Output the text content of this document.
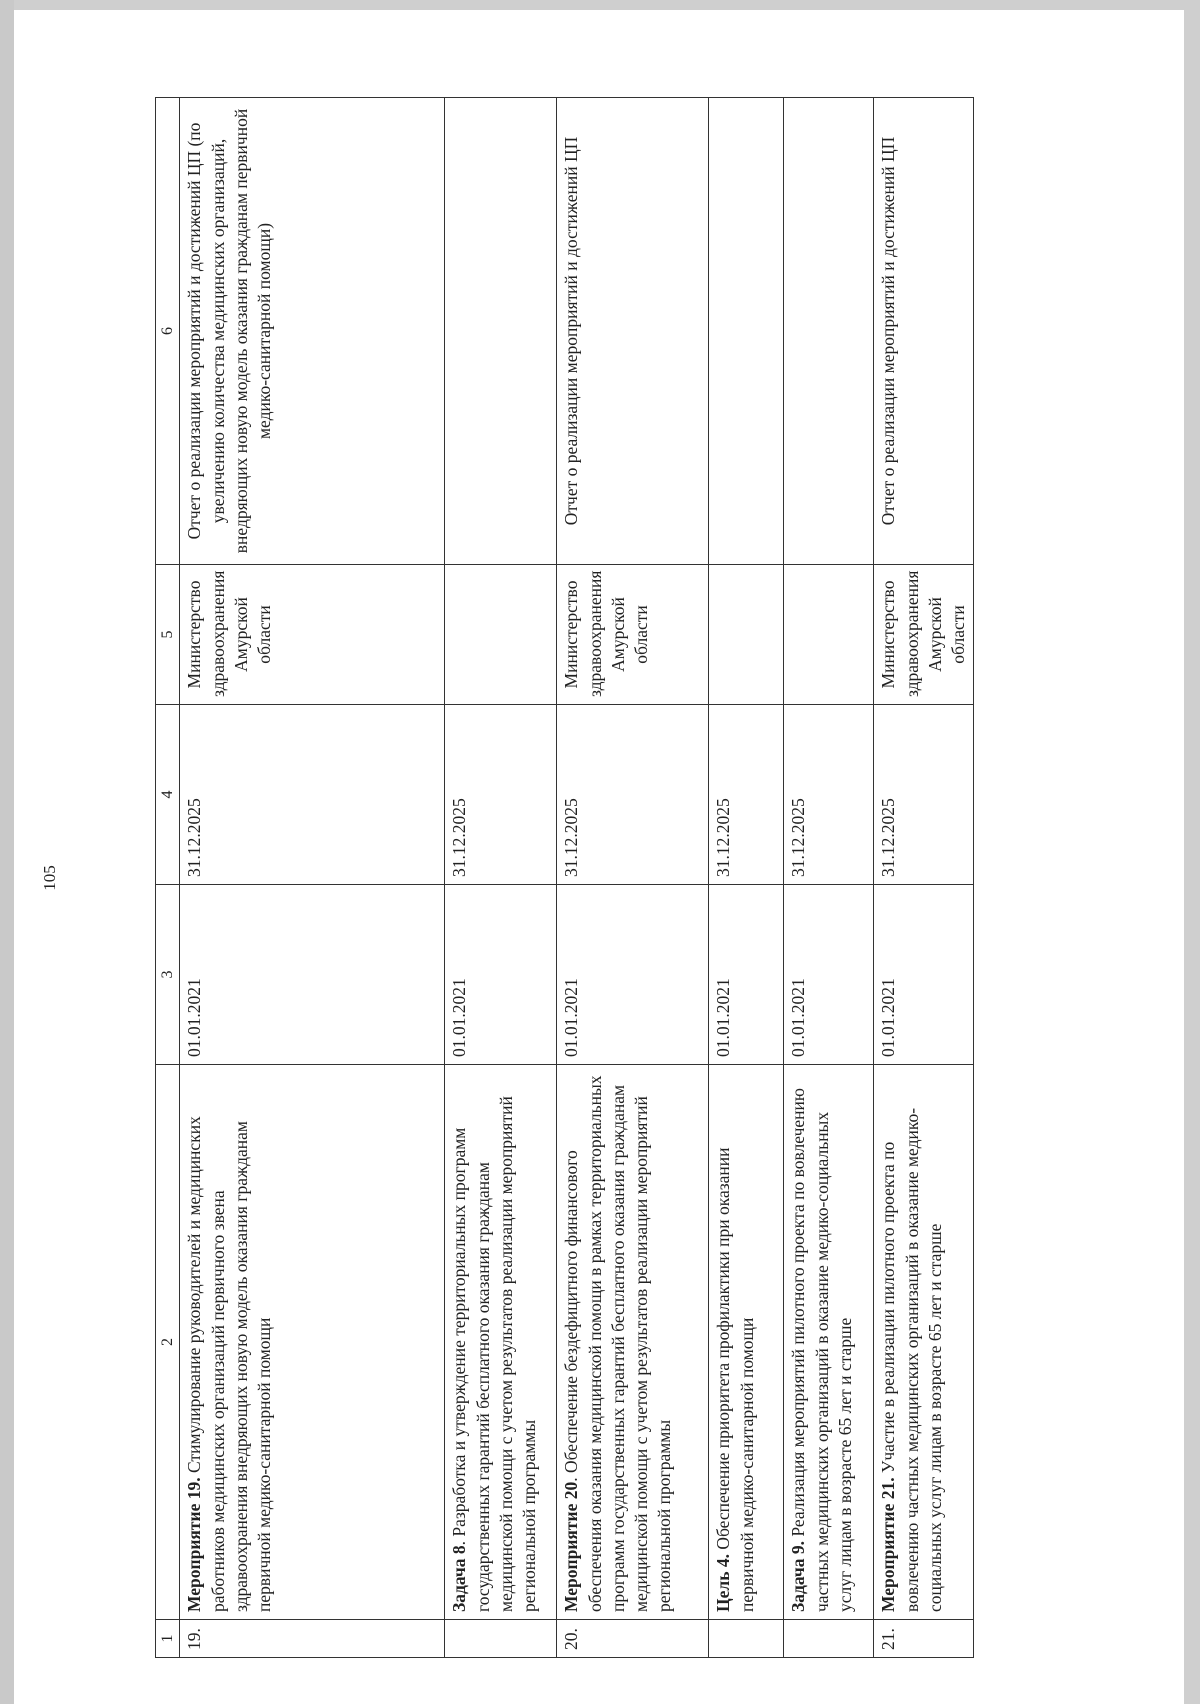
105
1	2	3	4	5	6
19.	Мероприятие 19. Стимулирование руководителей и медицинских работников медицинских организаций первичного звена здравоохранения внедряющих новую модель оказания гражданам первичной медико-санитарной помощи	01.01.2021	31.12.2025	Министерство здравоохранения Амурской области	Отчет о реализации мероприятий и достижений ЦП (по увеличению количества медицинских организаций, внедряющих новую модель оказания гражданам первичной медико-санитарной помощи)
	Задача 8. Разработка и утверждение территориальных программ государственных гарантий бесплатного оказания гражданам медицинской помощи с учетом результатов реализации мероприятий региональной программы	01.01.2021	31.12.2025		
20.	Мероприятие 20. Обеспечение бездефицитного финансового обеспечения оказания медицинской помощи в рамках территориальных программ государственных гарантий бесплатного оказания гражданам медицинской помощи с учетом результатов реализации мероприятий региональной программы	01.01.2021	31.12.2025	Министерство здравоохранения Амурской области	Отчет о реализации мероприятий и достижений ЦП
	Цель 4. Обеспечение приоритета профилактики при оказании первичной медико-санитарной помощи	01.01.2021	31.12.2025		
	Задача 9. Реализация мероприятий пилотного проекта по вовлечению частных медицинских организаций в оказание медико-социальных услуг лицам в возрасте 65 лет и старше	01.01.2021	31.12.2025		
21.	Мероприятие 21. Участие в реализации пилотного проекта по вовлечению частных медицинских организаций в оказание медико-социальных услуг лицам в возрасте 65 лет и старше	01.01.2021	31.12.2025	Министерство здравоохранения Амурской области	Отчет о реализации мероприятий и достижений ЦП
